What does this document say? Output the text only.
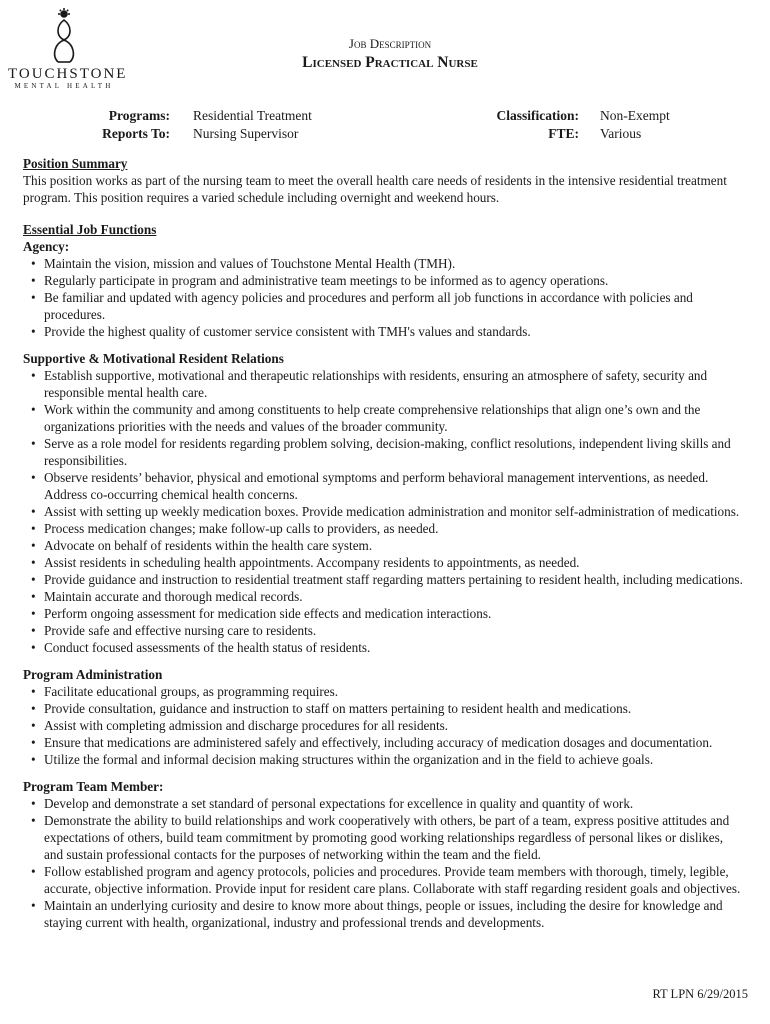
TOUCHSTONE
MENTAL HEALTH
Job Description
Licensed Practical Nurse
Programs:
Reports To:
Residential Treatment
Nursing Supervisor
Classification:
FTE:
Non-Exempt
Various
Position Summary

This position works as part of the nursing team to meet the overall health care needs of residents in the intensive residential treatment program. This position requires a varied schedule including overnight and weekend hours.

Essential Job Functions
Agency:
• Maintain the vision, mission and values of Touchstone Mental Health (TMH).
• Regularly participate in program and administrative team meetings to be informed as to agency operations.
• Be familiar and updated with agency policies and procedures and perform all job functions in accordance with policies and procedures.
• Provide the highest quality of customer service consistent with TMH's values and standards.
Supportive & Motivational Resident Relations
• Establish supportive, motivational and therapeutic relationships with residents, ensuring an atmosphere of safety, security and responsible mental health care.
• Work within the community and among constituents to help create comprehensive relationships that align one’s own and the organizations priorities with the needs and values of the broader community.
• Serve as a role model for residents regarding problem solving, decision-making, conflict resolutions, independent living skills and responsibilities.
• Observe residents’ behavior, physical and emotional symptoms and perform behavioral management interventions, as needed. Address co-occurring chemical health concerns.
• Assist with setting up weekly medication boxes. Provide medication administration and monitor self-administration of medications.
• Process medication changes; make follow-up calls to providers, as needed.
• Advocate on behalf of residents within the health care system.
• Assist residents in scheduling health appointments. Accompany residents to appointments, as needed.
• Provide guidance and instruction to residential treatment staff regarding matters pertaining to resident health, including medications.
• Maintain accurate and thorough medical records.
• Perform ongoing assessment for medication side effects and medication interactions.
• Provide safe and effective nursing care to residents.
• Conduct focused assessments of the health status of residents.
Program Administration
• Facilitate educational groups, as programming requires.
• Provide consultation, guidance and instruction to staff on matters pertaining to resident health and medications.
• Assist with completing admission and discharge procedures for all residents.
• Ensure that medications are administered safely and effectively, including accuracy of medication dosages and documentation.
• Utilize the formal and informal decision making structures within the organization and in the field to achieve goals.
Program Team Member:
• Develop and demonstrate a set standard of personal expectations for excellence in quality and quantity of work.
• Demonstrate the ability to build relationships and work cooperatively with others, be part of a team, express positive attitudes and expectations of others, build team commitment by promoting good working relationships regardless of personal likes or dislikes, and sustain professional contacts for the purposes of networking within the team and the field.
• Follow established program and agency protocols, policies and procedures. Provide team members with thorough, timely, legible, accurate, objective information. Provide input for resident care plans. Collaborate with staff regarding resident goals and objectives.
• Maintain an underlying curiosity and desire to know more about things, people or issues, including the desire for knowledge and staying current with health, organizational, industry and professional trends and developments.
RT LPN 6/29/2015
